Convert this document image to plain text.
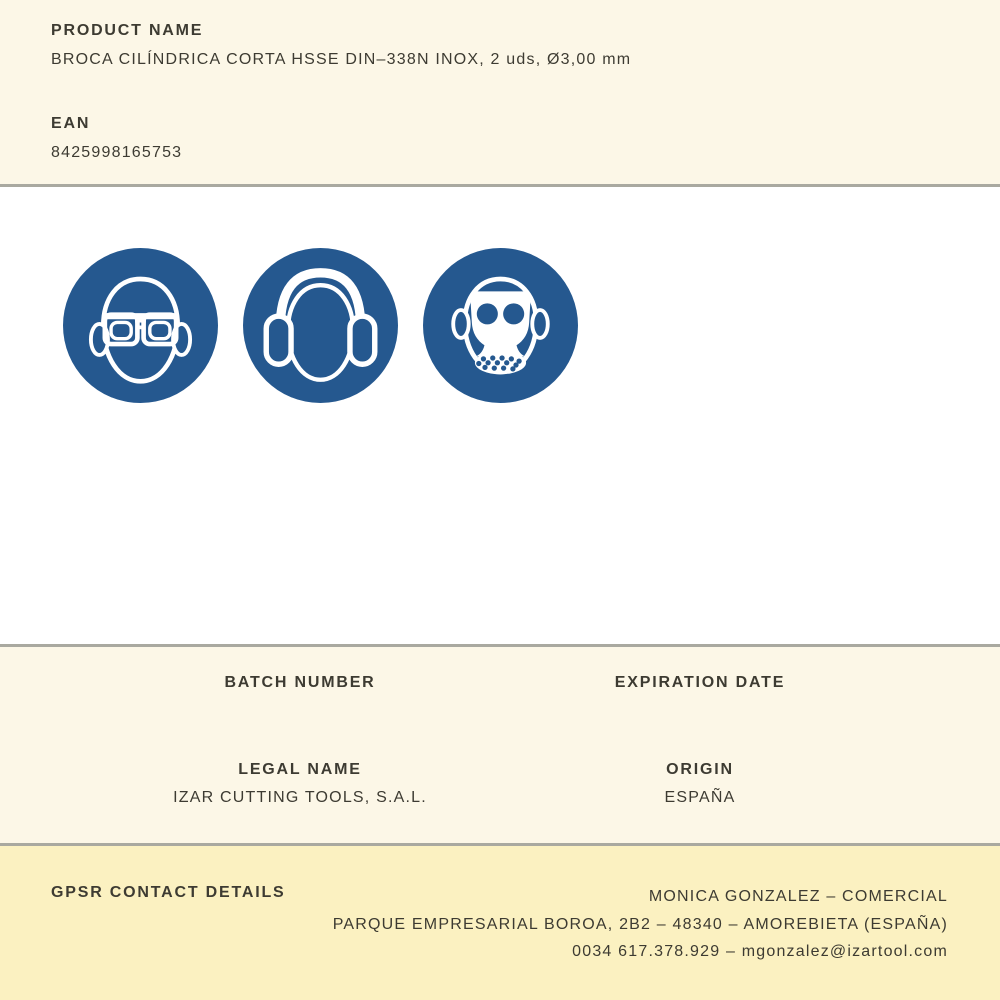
PRODUCT NAME
BROCA CILÍNDRICA CORTA HSSE DIN–338N INOX, 2 uds, Ø3,00 mm
EAN
8425998165753
BATCH NUMBER
LEGAL NAME
IZAR CUTTING TOOLS, S.A.L.
EXPIRATION DATE
ORIGIN
ESPAÑA
GPSR CONTACT DETAILS	MONICA GONZALEZ – COMERCIAL
PARQUE EMPRESARIAL BOROA, 2B2 – 48340 – AMOREBIETA (ESPAÑA)
0034 617.378.929 – mgonzalez@izartool.com
